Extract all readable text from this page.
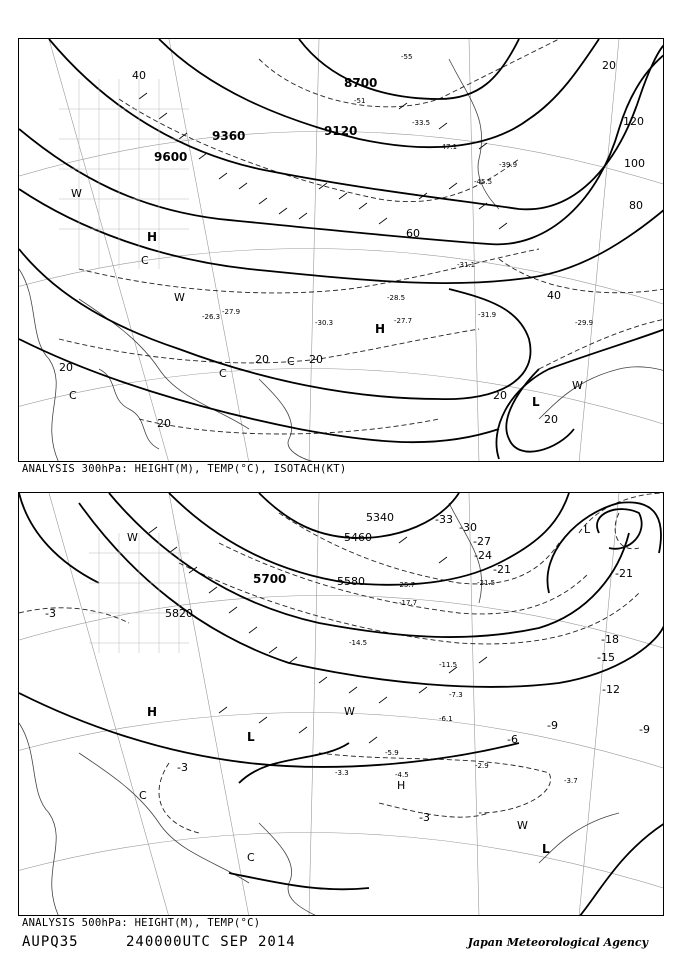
8700
9120
9360
9600
20
40
60
80
100
120
20	20
20
20
20
20
40
H
H
L
C
C
C
C
W
W
W
-26.3	-27.7
-27.9
-28.5
-29.9
-30.3
-31.1
-31.9
-33.5
-39.9
-45.5
-47.1
-51
-55
ANALYSIS 300hPa: HEIGHT(M), TEMP(°C), ISOTACH(KT)
5340
5460
5580
5700
5820
-3
-3
-3
-6
-9	-9
-12
-15
-18
-21
-21
-24
-27
-30
-33
H
H
L
L
L
C
C
W
W
W
-2.9
-3.3
-3.7
-4.5
-5.9
-6.1
-7.3
-11.5
-14.5
-17.7
-21.5
-25.7
ANALYSIS 500hPa: HEIGHT(M), TEMP(°C)
AUPQ35	240000UTC SEP 2014	Japan Meteorological Agency
